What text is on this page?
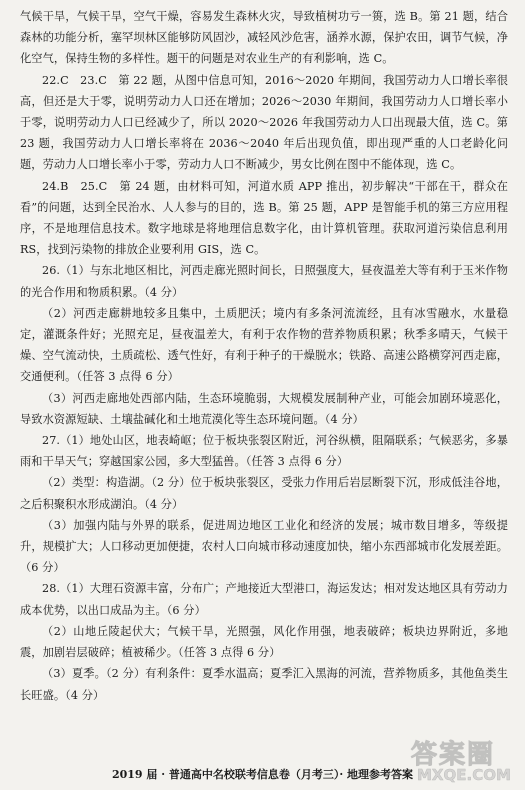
气候干旱，气候干旱，空气干燥，容易发生森林火灾，导致植树功亏一篑，选 B。第 21 题，结合森林的功能分析，塞罕坝林区能够防风固沙，减轻风沙危害，涵养水源，保护农田，调节气候，净化空气，保持生物的多样性。题干的问题是对农业生产的有利影响，选 C。

22.C　23.C　第 22 题，从图中信息可知，2016～2020 年期间，我国劳动力人口增长率很高，但还是大于零，说明劳动力人口还在增加；2026～2030 年期间，我国劳动力人口增长率小于零，说明劳动力人口已经减少了，所以 2020～2026 年我国劳动力人口出现最大值，选 C。第 23 题，我国劳动力人口增长率将在 2036～2040 年后出现负值，即出现严重的人口老龄化问题，劳动力人口增长率小于零，劳动力人口不断减少，男女比例在图中不能体现，选 C。

24.B　25.C　第 24 题，由材料可知，河道水质 APP 推出，初步解决“干部在干，群众在看”的问题，达到全民治水、人人参与的目的，选 B。第 25 题，APP 是智能手机的第三方应用程序，不是地理信息技术。数字地球是将地理信息数字化，由计算机管理。获取河道污染信息利用 RS，找到污染物的排放企业要利用 GIS，选 C。

26.（1）与东北地区相比，河西走廊光照时间长，日照强度大，昼夜温差大等有利于玉米作物的光合作用和物质积累。（4 分）

（2）河西走廊耕地较多且集中，土质肥沃；境内有多条河流流经，且有冰雪融水，水量稳定，灌溉条件好；光照充足，昼夜温差大，有利于农作物的营养物质积累；秋季多晴天，气候干燥、空气流动快，土质疏松、透气性好，有利于种子的干燥脱水；铁路、高速公路横穿河西走廊，交通便利。（任答 3 点得 6 分）

（3）河西走廊地处西部内陆，生态环境脆弱，大规模发展制种产业，可能会加剧环境恶化，导致水资源短缺、土壤盐碱化和土地荒漠化等生态环境问题。（4 分）

27.（1）地处山区，地表崎岖；位于板块张裂区附近，河谷纵横，阻隔联系；气候恶劣，多暴雨和干旱天气；穿越国家公园，多大型猛兽。（任答 3 点得 6 分）

（2）类型：构造湖。（2 分）位于板块张裂区，受张力作用后岩层断裂下沉，形成低洼谷地，之后积聚积水形成湖泊。（4 分）

（3）加强内陆与外界的联系，促进周边地区工业化和经济的发展；城市数目增多，等级提升，规模扩大；人口移动更加便捷，农村人口向城市移动速度加快，缩小东西部城市化发展差距。（6 分）

28.（1）大理石资源丰富，分布广；产地接近大型港口，海运发达；相对发达地区具有劳动力成本优势，以出口成品为主。（6 分）

（2）山地丘陵起伏大；气候干旱，光照强，风化作用强，地表破碎；板块边界附近，多地震，加剧岩层破碎；植被稀少。（任答 3 点得 6 分）

（3）夏季。（2 分）有利条件：夏季水温高；夏季汇入黑海的河流，营养物质多，其他鱼类生长旺盛。（4 分）

2019 届 · 普通高中名校联考信息卷（月考三）· 地理参考答案
答案圈
MXQE.COM
